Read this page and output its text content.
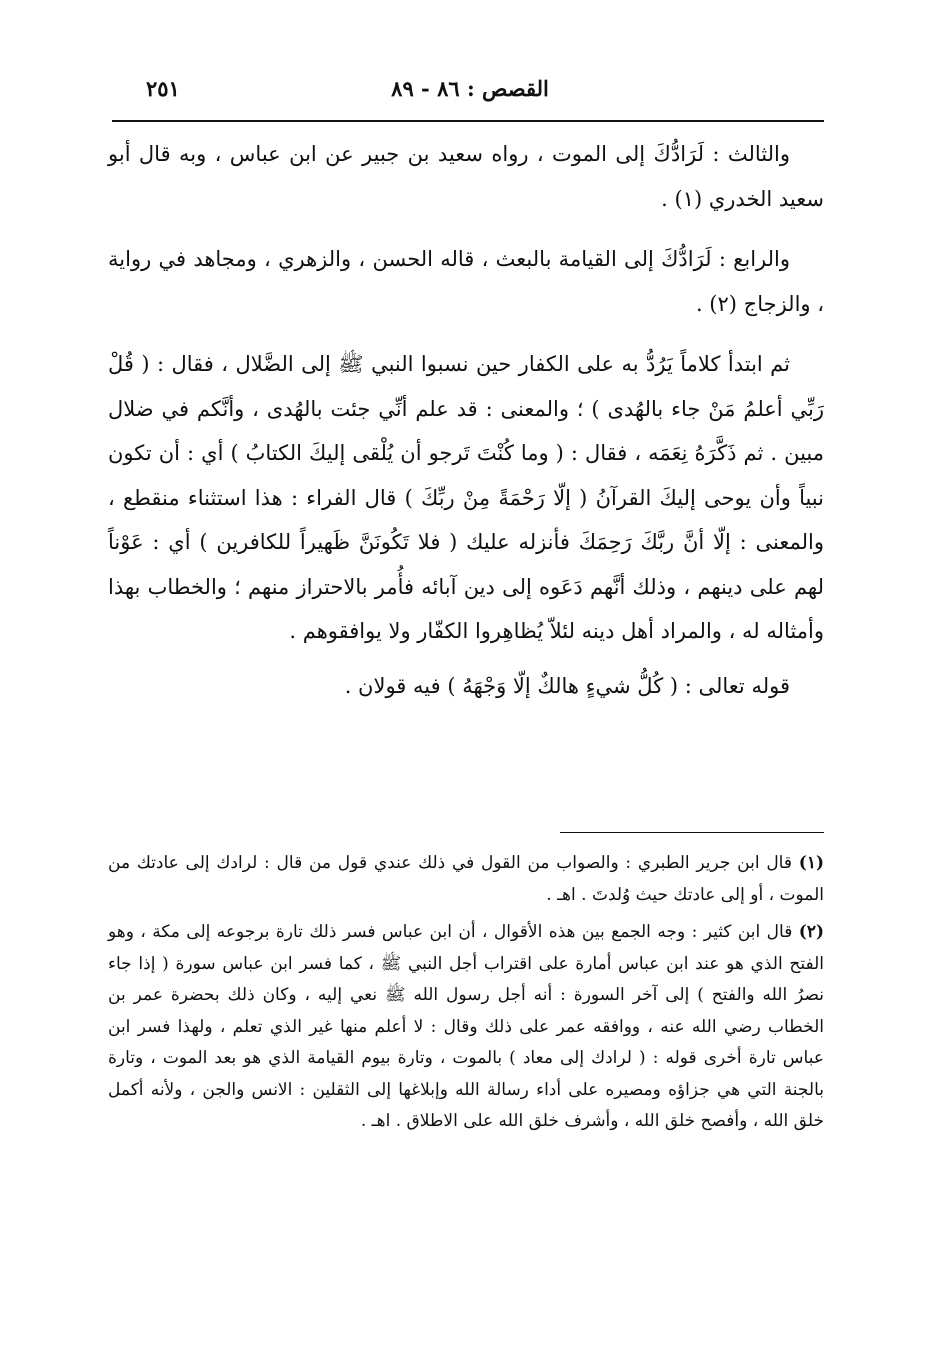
القصص : ٨٦ - ٨٩
٢٥١

والثالث : لَرَادُّكَ إلى الموت ، رواه سعيد بن جبير عن ابن عباس ، وبه قال أبو سعيد الخدري (١) .

والرابع : لَرَادُّكَ إلى القيامة بالبعث ، قاله الحسن ، والزهري ، ومجاهد في رواية ، والزجاج (٢) .

ثم ابتدأ كلاماً يَرُدُّ به على الكفار حين نسبوا النبي ﷺ إلى الضَّلال ، فقال : ( قُلْ رَبِّي أعلمُ مَنْ جاء بالهُدى ) ؛ والمعنى : قد علم أنِّي جئت بالهُدى ، وأنَّكم في ضلال مبين . ثم ذَكَّرَهُ نِعَمَه ، فقال : ( وما كُنْتَ تَرجو أن يُلْقى إليكَ الكتابُ ) أي : أن تكون نبياً وأن يوحى إليكَ القرآنُ ( إلّا رَحْمَةً مِنْ ربِّكَ ) قال الفراء : هذا استثناء منقطع ، والمعنى : إلّا أنَّ ربَّكَ رَحِمَكَ فأنزله عليك ( فلا تَكُونَنَّ ظَهيراً للكافرين ) أي : عَوْناً لهم على دينهم ، وذلك أنَّهم دَعَوه إلى دين آبائه فأُمر بالاحتراز منهم ؛ والخطاب بهذا وأمثاله له ، والمراد أهل دينه لئلاّ يُظاهِروا الكفّار ولا يوافقوهم .

قوله تعالى : ( كُلُّ شيءٍ هالكٌ إلّا وَجْهَهُ ) فيه قولان .

(١) قال ابن جرير الطبري : والصواب من القول في ذلك عندي قول من قال : لرادك إلى عادتك من الموت ، أو إلى عادتك حيث وُلدتَ . اهـ .

(٢) قال ابن كثير : وجه الجمع بين هذه الأقوال ، أن ابن عباس فسر ذلك تارة برجوعه إلى مكة ، وهو الفتح الذي هو عند ابن عباس أمارة على اقتراب أجل النبي ﷺ ، كما فسر ابن عباس سورة ( إذا جاء نصرُ الله والفتح ) إلى آخر السورة : أنه أجل رسول الله ﷺ نعي إليه ، وكان ذلك بحضرة عمر بن الخطاب رضي الله عنه ، ووافقه عمر على ذلك وقال : لا أعلم منها غير الذي تعلم ، ولهذا فسر ابن عباس تارة أخرى قوله : ( لرادك إلى معاد ) بالموت ، وتارة بيوم القيامة الذي هو بعد الموت ، وتارة بالجنة التي هي جزاؤه ومصيره على أداء رسالة الله وإبلاغها إلى الثقلين : الانس والجن ، ولأنه أكمل خلق الله ، وأفصح خلق الله ، وأشرف خلق الله على الاطلاق . اهـ .
